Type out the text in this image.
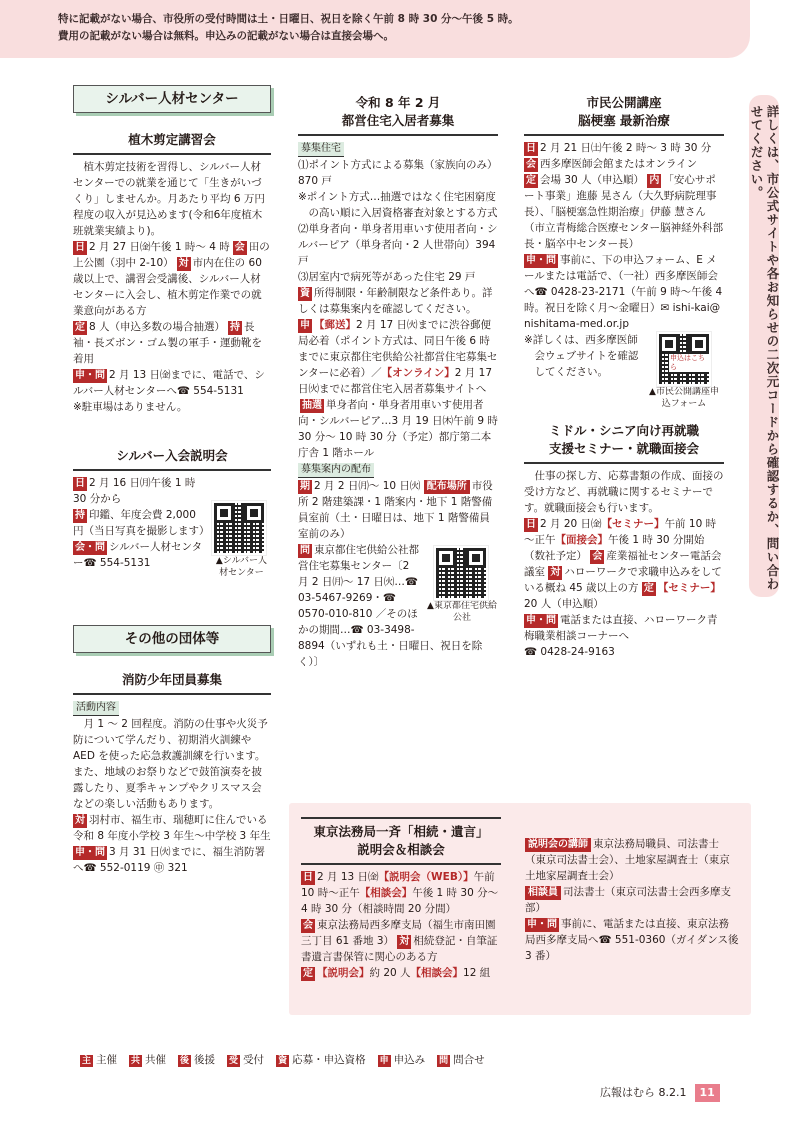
特に記載がない場合、市役所の受付時間は土・日曜日、祝日を除く午前 8 時 30 分～午後 5 時。
費用の記載がない場合は無料。申込みの記載がない場合は直接会場へ。
シルバー人材センター
植木剪定講習会

植木剪定技術を習得し、シルバー人材センターでの就業を通じて「生きがいづくり」しませんか。月あたり平均 6 万円程度の収入が見込めます(令和6年度植木班就業実績より)。

日 2 月 27 日㈮午後 1 時～ 4 時 会 田の上公園（羽中 2-10） 対 市内在住の 60 歳以上で、講習会受講後、シルバー人材センターに入会し、植木剪定作業での就業意向がある方

定 8 人（申込多数の場合抽選） 持 長袖・長ズボン・ゴム製の軍手・運動靴を着用

申・問 2 月 13 日㈮までに、電話で、シルバー人材センターへ☎ 554-5131

※駐車場はありません。

シルバー入会説明会

日 2 月 16 日㈪午後 1 時 30 分から

持 印鑑、年度会費 2,000 円（当日写真を撮影します）

会・問 シルバー人材センター☎ 554-5131	▲シルバー人材センター
その他の団体等
消防少年団員募集
活動内容

月 1 ～ 2 回程度。消防の仕事や火災予防について学んだり、初期消火訓練や AED を使った応急救護訓練を行います。また、地域のお祭りなどで鼓笛演奏を披露したり、夏季キャンプやクリスマス会などの楽しい活動もあります。

対 羽村市、福生市、瑞穂町に住んでいる令和 8 年度小学校 3 年生～中学校 3 年生

申・問 3 月 31 日㈫までに、福生消防署へ☎ 552-0119 ㊥ 321

令和 8 年 2 月
都営住宅入居者募集
募集住宅

⑴ポイント方式による募集（家族向のみ）870 戸

※ポイント方式…抽選ではなく住宅困窮度の高い順に入居資格審査対象とする方式

⑵単身者向・単身者用車いす使用者向・シルバーピア（単身者向・2 人世帯向）394 戸

⑶居室内で病死等があった住宅 29 戸

資 所得制限・年齢制限など条件あり。詳しくは募集案内を確認してください。

申 【郵送】2 月 17 日㈫までに渋谷郵便局必着（ポイント方式は、同日午後 6 時までに東京都住宅供給公社都営住宅募集センターに必着）／【オンライン】2 月 17 日㈫までに都営住宅入居者募集サイトへ抽選 単身者向・単身者用車いす使用者向・シルバーピア…3 月 19 日㈭午前 9 時 30 分～ 10 時 30 分（予定）都庁第二本庁舎 1 階ホール

募集案内の配布

期 2 月 2 日㈪～ 10 日㈫ 配布場所 市役所 2 階建築課・1 階案内・地下 1 階警備員室前（土・日曜日は、地下 1 階警備員室前のみ）

▲東京都住宅供給公社

問 東京都住宅供給公社都営住宅募集センター〔2 月 2 日㈪～ 17 日㈫…☎ 03-5467-9269・☎ 0570-010-810 ／そのほかの期間…☎ 03-3498-8894（いずれも土・日曜日、祝日を除く）〕

市民公開講座
脳梗塞 最新治療

日 2 月 21 日㈯午後 2 時～ 3 時 30 分

会 西多摩医師会館またはオンライン

定 会場 30 人（申込順） 内 「安心サポート事業」進藤 晃さん（大久野病院理事長）、「脳梗塞急性期治療」伊藤 慧さん（市立青梅総合医療センター脳神経外科部長・脳卒中センター長）

申・問 事前に、下の申込フォーム、E メールまたは電話で、（一社）西多摩医師会へ☎ 0428-23-2171（午前 9 時～午後 4 時。祝日を除く月～金曜日）✉ ishi-kai@nishitama-med.or.jp

※詳しくは、西多摩医師会ウェブサイトを確認してください。

申込はこちら
▲市民公開講座申込フォーム
ミドル・シニア向け再就職
支援セミナー・就職面接会

仕事の探し方、応募書類の作成、面接の受け方など、再就職に関するセミナーです。就職面接会も行います。

日 2 月 20 日㈮【セミナー】午前 10 時～正午【面接会】午後 1 時 30 分開始（数社予定） 会 産業福祉センター電話会議室 対 ハローワークで求職申込みをしている概ね 45 歳以上の方 定 【セミナー】20 人（申込順）

申・問 電話または直接、ハローワーク青梅職業相談コーナーへ

☎ 0428-24-9163

東京法務局一斉「相続・遺言」
説明会＆相談会

日 2 月 13 日㈮【説明会（WEB）】午前 10 時～正午【相談会】午後 1 時 30 分～ 4 時 30 分（相談時間 20 分間）

会 東京法務局西多摩支局（福生市南田園三丁目 61 番地 3） 対 相続登記・自筆証書遺言書保管に関心のある方

定 【説明会】約 20 人【相談会】12 組

説明会の講師 東京法務局職員、司法書士（東京司法書士会）、土地家屋調査士（東京土地家屋調査士会）

相談員 司法書士（東京司法書士会西多摩支部）

申・問 事前に、電話または直接、東京法務局西多摩支局へ☎ 551-0360（ガイダンス後 3 番）

詳しくは、市公式サイトや各お知らせの二次元コードから確認するか、問い合わせてください。
主 主催 共 共催 後 後援 受 受付 資 応募・申込資格 申 申込み 問 問合せ
広報はむら 8.2.1	11
